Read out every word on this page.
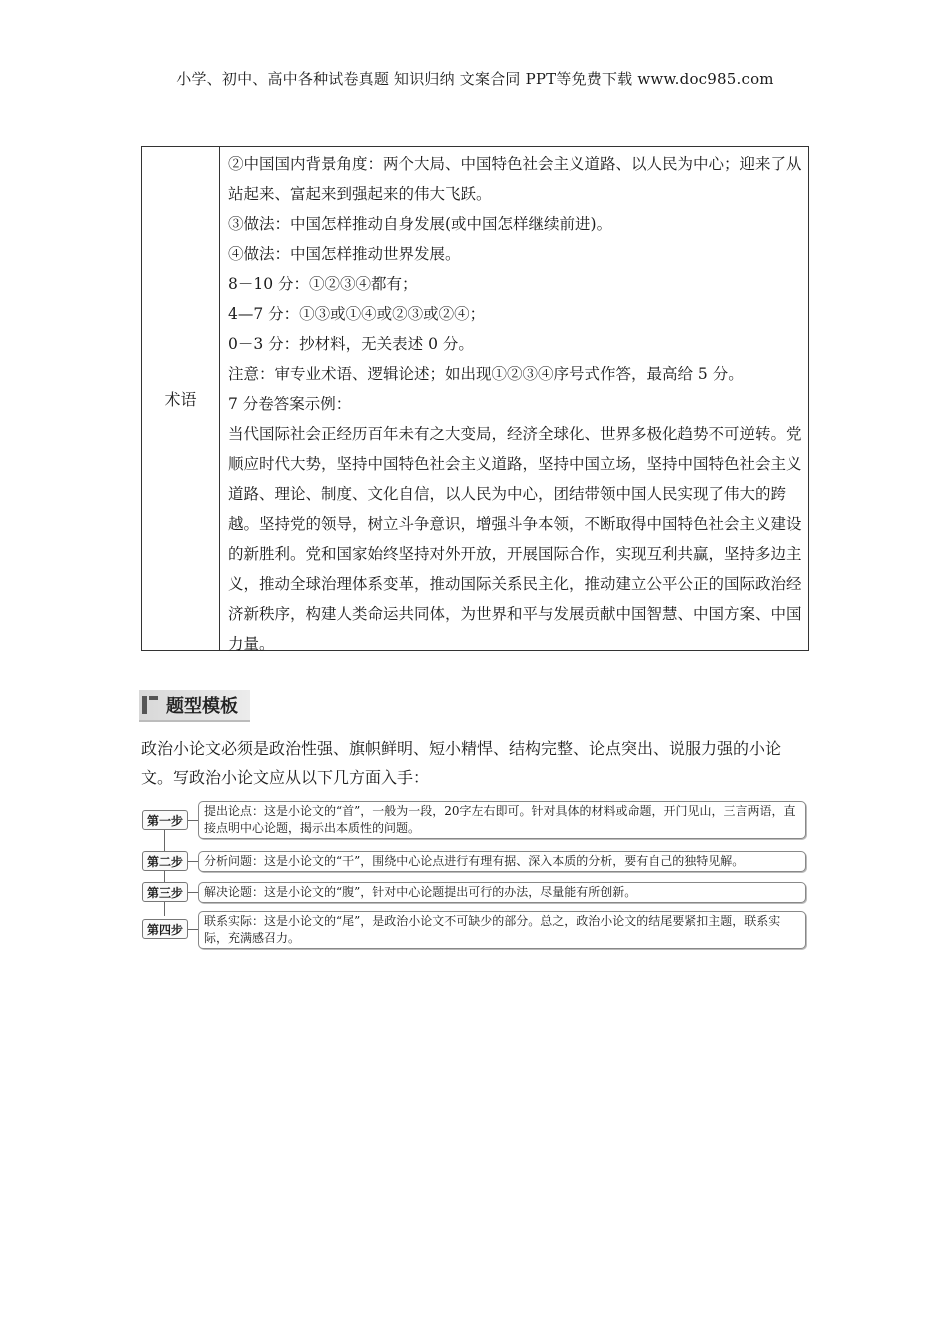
小学、初中、高中各种试卷真题 知识归纳 文案合同 PPT等免费下载 www.doc985.com
术语

②中国国内背景角度：两个大局、中国特色社会主义道路、以人民为中心；迎来了从站起来、富起来到强起来的伟大飞跃。

③做法：中国怎样推动自身发展(或中国怎样继续前进)。

④做法：中国怎样推动世界发展。

8－10 分：①②③④都有；

4—7 分：①③或①④或②③或②④；

0－3 分：抄材料，无关表述 0 分。

注意：审专业术语、逻辑论述；如出现①②③④序号式作答，最高给 5 分。

7 分卷答案示例：

当代国际社会正经历百年未有之大变局，经济全球化、世界多极化趋势不可逆转。党顺应时代大势，坚持中国特色社会主义道路，坚持中国立场，坚持中国特色社会主义道路、理论、制度、文化自信，以人民为中心，团结带领中国人民实现了伟大的跨越。坚持党的领导，树立斗争意识，增强斗争本领，不断取得中国特色社会主义建设的新胜利。党和国家始终坚持对外开放，开展国际合作，实现互利共赢，坚持多边主义，推动全球治理体系变革，推动国际关系民主化，推动建立公平公正的国际政治经济新秩序，构建人类命运共同体，为世界和平与发展贡献中国智慧、中国方案、中国力量。

题型模板
政治小论文必须是政治性强、旗帜鲜明、短小精悍、结构完整、论点突出、说服力强的小论文。写政治小论文应从以下几方面入手：
第一步
提出论点：这是小论文的“首”，一般为一段，20字左右即可。针对具体的材料或命题，开门见山，三言两语，直接点明中心论题，揭示出本质性的问题。
第二步	分析问题：这是小论文的“干”，围绕中心论点进行有理有据、深入本质的分析，要有自己的独特见解。
第三步	解决论题：这是小论文的“腹”，针对中心论题提出可行的办法，尽量能有所创新。
第四步
联系实际：这是小论文的“尾”，是政治小论文不可缺少的部分。总之，政治小论文的结尾要紧扣主题，联系实际，充满感召力。
